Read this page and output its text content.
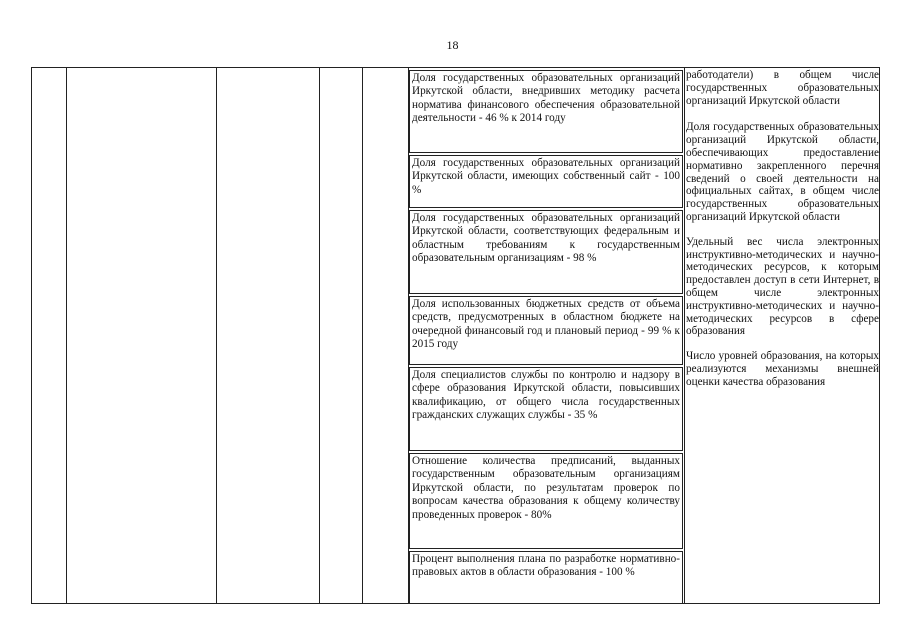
18
Доля государственных образовательных организаций Иркутской области, внедривших методику расчета норматива финансового обеспечения образовательной деятельности - 46 % к 2014 году
Доля государственных образовательных организаций Иркутской области, имеющих собственный сайт - 100 %
Доля государственных образовательных организаций Иркутской области, соответствующих федеральным и областным требованиям к государственным образовательным организациям - 98 %
Доля использованных бюджетных средств от объема средств, предусмотренных в областном бюджете на очередной финансовый год и плановый период - 99 % к 2015 году
Доля специалистов службы по контролю и надзору в сфере образования Иркутской области, повысивших квалификацию, от общего числа государственных гражданских служащих службы - 35 %
Отношение количества предписаний, выданных государственным образовательным организациям Иркутской области, по результатам проверок по вопросам качества образования к общему количеству проведенных проверок - 80%
Процент выполнения плана по разработке нормативно-правовых актов в области образования - 100 %

работодатели) в общем числе государственных образовательных организаций Иркутской области

Доля государственных образовательных организаций Иркутской области, обеспечивающих предоставление нормативно закрепленного перечня сведений о своей деятельности на официальных сайтах, в общем числе государственных образовательных организаций Иркутской области

Удельный вес числа электронных инструктивно-методических и научно-методических ресурсов, к которым предоставлен доступ в сети Интернет, в общем числе электронных инструктивно-методических и научно-методических ресурсов в сфере образования

Число уровней образования, на которых реализуются механизмы внешней оценки качества образования
